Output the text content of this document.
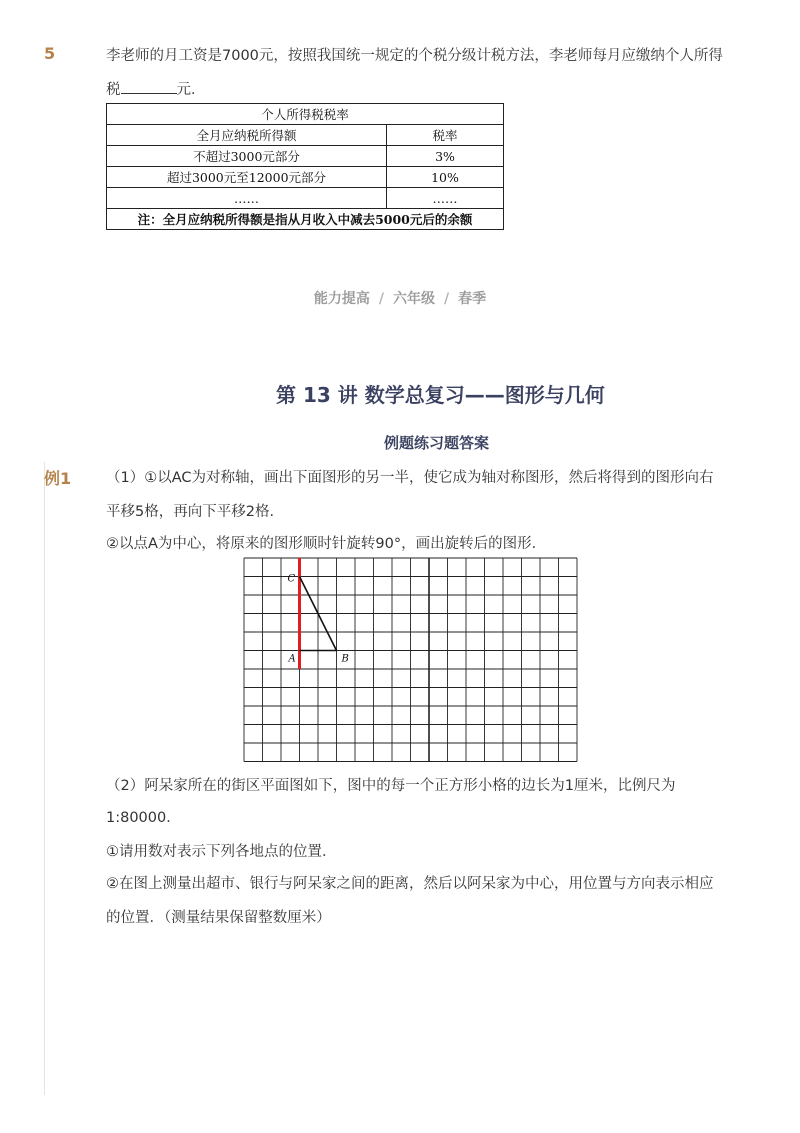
5	李老师的月工资是7000元，按照我国统一规定的个税分级计税方法，李老师每月应缴纳个人所得
税	元．
个人所得税税率	
全月应纳税所得额	税率
不超过3000元部分	3%
超过3000元至12000元部分	10%
……	……
注：全月应纳税所得额是指从月收入中减去5000元后的余额	
能力提高 / 六年级 / 春季
第 13 讲 数学总复习——图形与几何
例题练习题答案
例1 （1）①以AC为对称轴，画出下面图形的另一半，使它成为轴对称图形，然后将得到的图形向右
平移5格，再向下平移2格．
②以点A为中心，将原来的图形顺时针旋转90°，画出旋转后的图形．
C
A	B
（2）阿呆家所在的街区平面图如下，图中的每一个正方形小格的边长为1厘米，比例尺为
1:80000．
①请用数对表示下列各地点的位置．
②在图上测量出超市、银行与阿呆家之间的距离，然后以阿呆家为中心，用位置与方向表示相应
的位置．（测量结果保留整数厘米）
